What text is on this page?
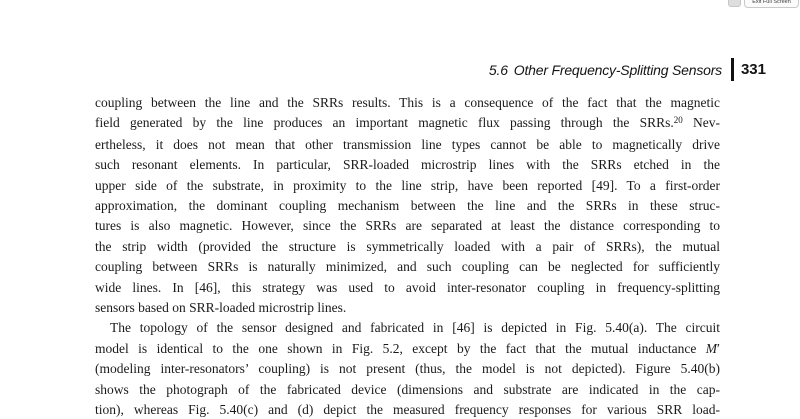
Exit Full Screen
5.6 Other Frequency-Splitting Sensors 331
coupling between the line and the SRRs results. This is a consequence of the fact that the magnetic
field generated by the line produces an important magnetic flux passing through the SRRs.$^{20}$ Nev-
ertheless, it does not mean that other transmission line types cannot be able to magnetically drive
such resonant elements. In particular, SRR-loaded microstrip lines with the SRRs etched in the
upper side of the substrate, in proximity to the line strip, have been reported [49]. To a first-order
approximation, the dominant coupling mechanism between the line and the SRRs in these struc-
tures is also magnetic. However, since the SRRs are separated at least the distance corresponding to
the strip width (provided the structure is symmetrically loaded with a pair of SRRs), the mutual
coupling between SRRs is naturally minimized, and such coupling can be neglected for sufficiently
wide lines. In [46], this strategy was used to avoid inter-resonator coupling in frequency-splitting
sensors based on SRR-loaded microstrip lines.
The topology of the sensor designed and fabricated in [46] is depicted in Fig. 5.40(a). The circuit
model is identical to the one shown in Fig. 5.2, except by the fact that the mutual inductance M′
(modeling inter-resonators’ coupling) is not present (thus, the model is not depicted). Figure 5.40(b)
shows the photograph of the fabricated device (dimensions and substrate are indicated in the cap-
tion), whereas Fig. 5.40(c) and (d) depict the measured frequency responses for various SRR load-
